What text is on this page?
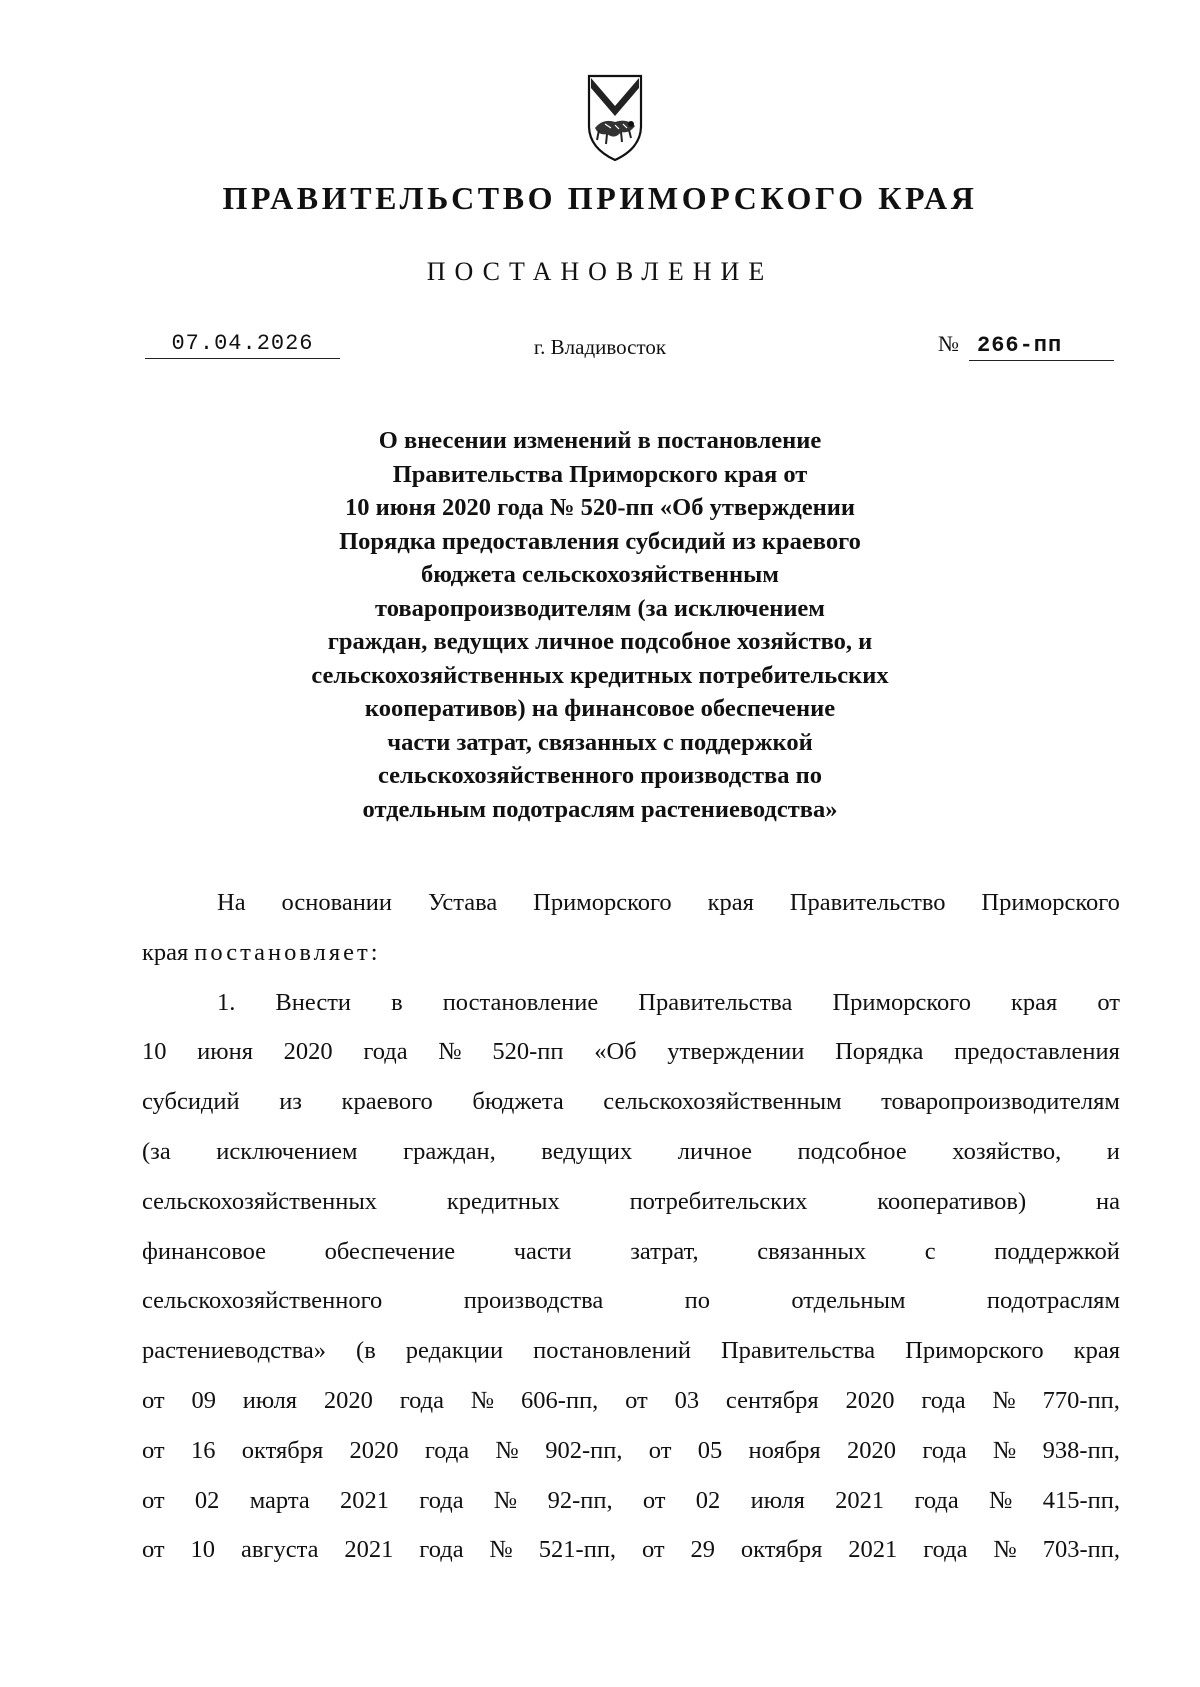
ПРАВИТЕЛЬСТВО ПРИМОРСКОГО КРАЯ
ПОСТАНОВЛЕНИЕ
07.04.2026	г. Владивосток	№ 266-пп
О внесении изменений в постановление
Правительства Приморского края от
10 июня 2020 года № 520-пп «Об утверждении
Порядка предоставления субсидий из краевого
бюджета сельскохозяйственным
товаропроизводителям (за исключением
граждан, ведущих личное подсобное хозяйство, и
сельскохозяйственных кредитных потребительских
кооперативов) на финансовое обеспечение
части затрат, связанных с поддержкой
сельскохозяйственного производства по
отдельным подотраслям растениеводства»
На основании Устава Приморского края Правительство Приморского
края постановляет:
1. Внести в постановление Правительства Приморского края от
10 июня 2020 года № 520-пп «Об утверждении Порядка предоставления
субсидий из краевого бюджета сельскохозяйственным товаропроизводителям
(за исключением граждан, ведущих личное подсобное хозяйство, и
сельскохозяйственных	кредитных	потребительских	кооперативов)	на
финансовое обеспечение части затрат, связанных с поддержкой
сельскохозяйственного	производства	по	отдельным	подотраслям
растениеводства» (в редакции постановлений Правительства Приморского края
от 09 июля 2020 года № 606-пп, от 03 сентября 2020 года № 770-пп,
от 16 октября 2020 года № 902-пп, от 05 ноября 2020 года № 938-пп,
от 02 марта 2021 года № 92-пп, от 02 июля 2021 года № 415-пп,
от 10 августа 2021 года № 521-пп, от 29 октября 2021 года № 703-пп,
